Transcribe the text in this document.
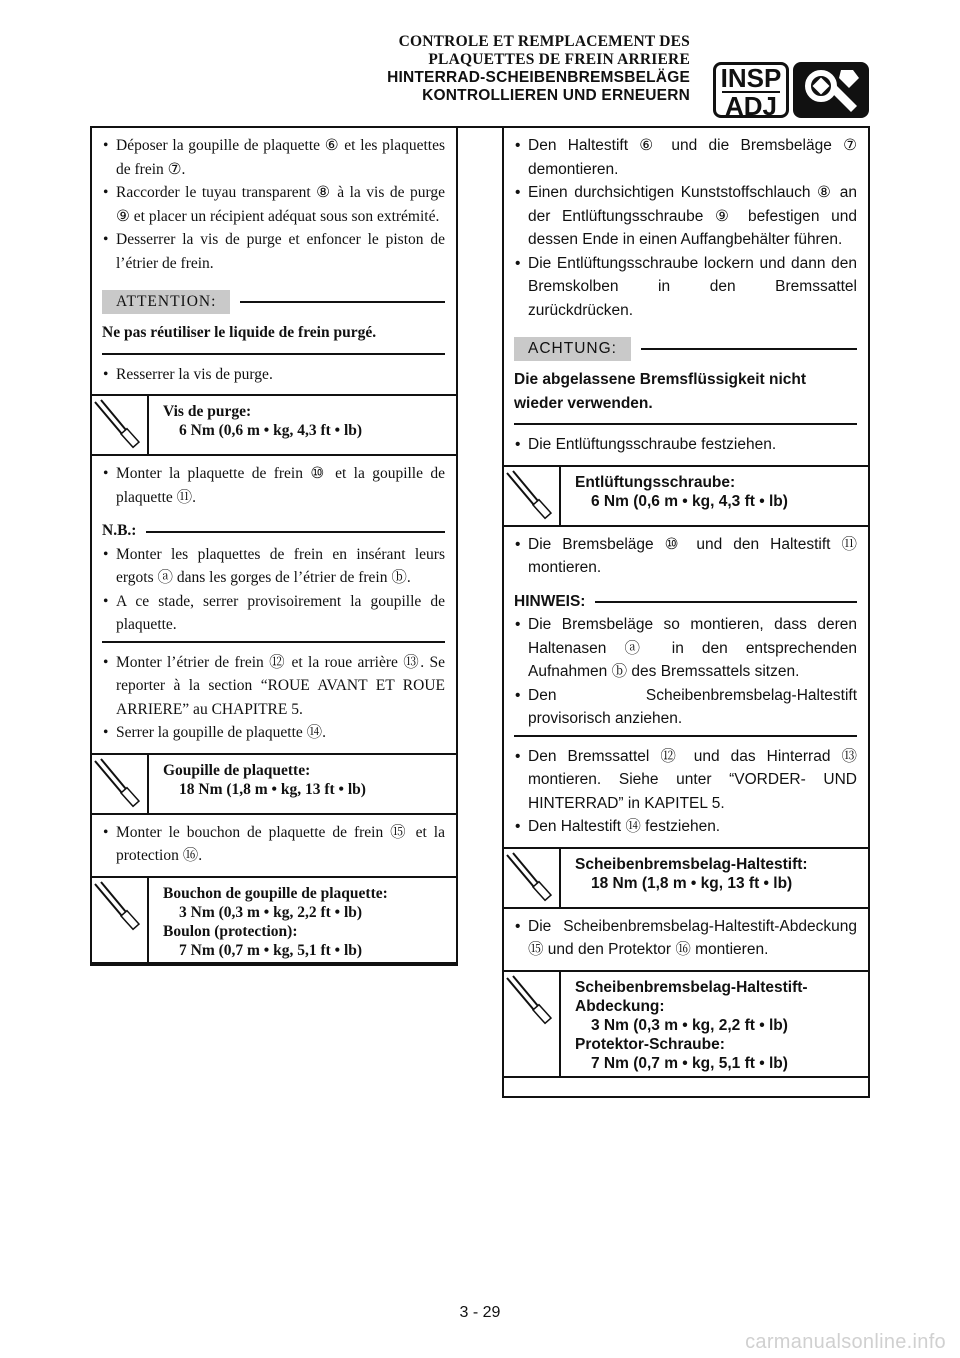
CONTROLE ET REMPLACEMENT DES
PLAQUETTES DE FREIN ARRIERE
HINTERRAD-SCHEIBENBREMSBELÄGE
KONTROLLIEREN UND ERNEUERN
INSP
ADJ
• Déposer la goupille de plaquette ⑥ et les plaquettes de frein ⑦.
• Raccorder le tuyau transparent ⑧ à la vis de purge ⑨ et placer un récipient adéquat sous son extrémité.
• Desserrer la vis de purge et enfoncer le piston de l’étrier de frein.
ATTENTION:
Ne pas réutiliser le liquide de frein purgé.
• Resserrer la vis de purge.
Vis de purge:
6 Nm (0,6 m • kg, 4,3 ft • lb)
• Monter la plaquette de frein ⑩ et la goupille de plaquette ⑪.
N.B.:
• Monter les plaquettes de frein en insérant leurs ergots ⓐ dans les gorges de l’étrier de frein ⓑ.
• A ce stade, serrer provisoirement la goupille de plaquette.
• Monter l’étrier de frein ⑫ et la roue arrière ⑬. Se reporter à la section “ROUE AVANT ET ROUE ARRIERE” au CHAPITRE 5.
• Serrer la goupille de plaquette ⑭.
Goupille de plaquette:
18 Nm (1,8 m • kg, 13 ft • lb)
• Monter le bouchon de plaquette de frein ⑮ et la protection ⑯.
Bouchon de goupille de plaquette:
3 Nm (0,3 m • kg, 2,2 ft • lb)
Boulon (protection):
7 Nm (0,7 m • kg, 5,1 ft • lb)
• Den Haltestift ⑥ und die Bremsbeläge ⑦ demontieren.
• Einen durchsichtigen Kunststoffschlauch ⑧ an der Entlüftungsschraube ⑨ befestigen und dessen Ende in einen Auffangbehälter führen.
• Die Entlüftungsschraube lockern und dann den Bremskolben in den Bremssattel zurückdrücken.
ACHTUNG:
Die abgelassene Bremsflüssigkeit nicht wieder verwenden.
• Die Entlüftungsschraube festziehen.
Entlüftungsschraube:
6 Nm (0,6 m • kg, 4,3 ft • lb)
• Die Bremsbeläge ⑩ und den Haltestift ⑪ montieren.
HINWEIS:
• Die Bremsbeläge so montieren, dass deren Haltenasen ⓐ in den entsprechenden Aufnahmen ⓑ des Bremssattels sitzen.
• Den Scheibenbremsbelag-Haltestift provisorisch anziehen.
• Den Bremssattel ⑫ und das Hinterrad ⑬ montieren. Siehe unter “VORDER- UND HINTERRAD” in KAPITEL 5.
• Den Haltestift ⑭ festziehen.
Scheibenbremsbelag-Haltestift:
18 Nm (1,8 m • kg, 13 ft • lb)
• Die Scheibenbremsbelag-Haltestift-Abdeckung ⑮ und den Protektor ⑯ montieren.
Scheibenbremsbelag-Haltestift-Abdeckung:
3 Nm (0,3 m • kg, 2,2 ft • lb)
Protektor-Schraube:
7 Nm (0,7 m • kg, 5,1 ft • lb)
3 - 29
carmanualsonline.info
